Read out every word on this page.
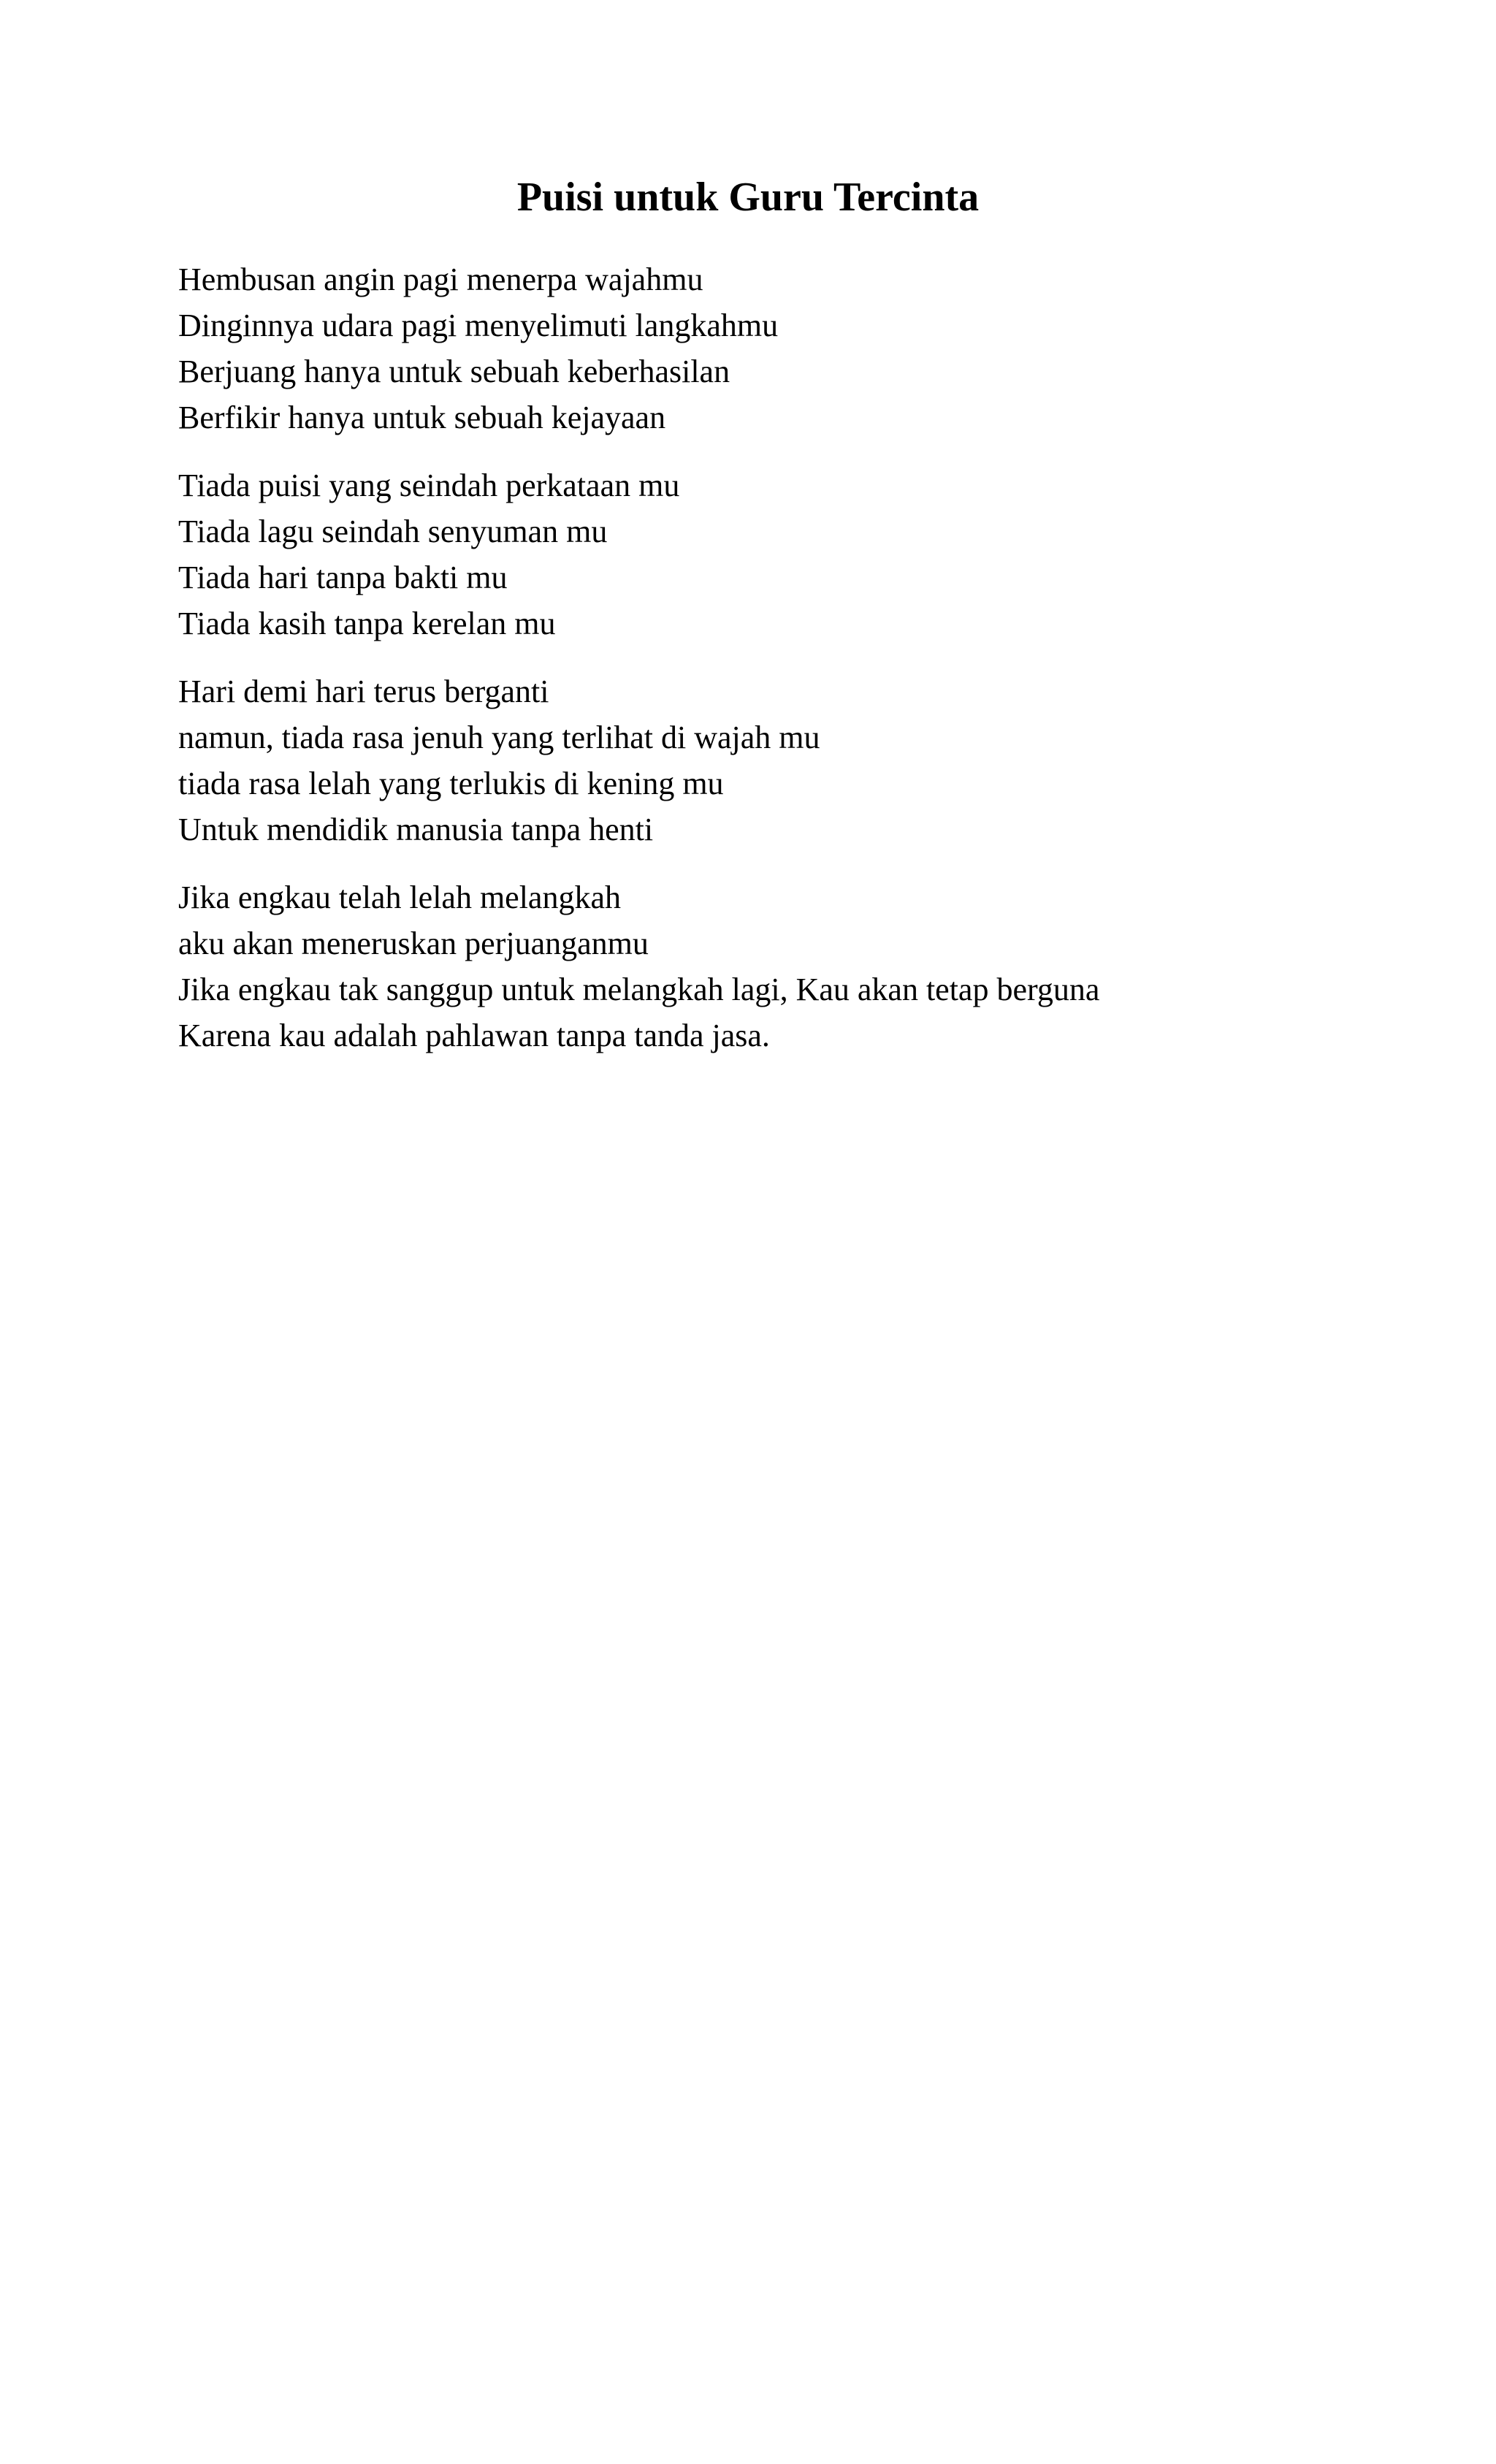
Puisi untuk Guru Tercinta
Hembusan angin pagi menerpa wajahmu
Dinginnya udara pagi menyelimuti langkahmu
Berjuang hanya untuk sebuah keberhasilan
Berfikir hanya untuk sebuah kejayaan
Tiada puisi yang seindah perkataan mu
Tiada lagu seindah senyuman mu
Tiada hari tanpa bakti mu
Tiada kasih tanpa kerelan mu
Hari demi hari terus berganti
namun, tiada rasa jenuh yang terlihat di wajah mu
tiada rasa lelah yang terlukis di kening mu
Untuk mendidik manusia tanpa henti
Jika engkau telah lelah melangkah
aku akan meneruskan perjuanganmu
Jika engkau tak sanggup untuk melangkah lagi, Kau akan tetap berguna
Karena kau adalah pahlawan tanpa tanda jasa.
